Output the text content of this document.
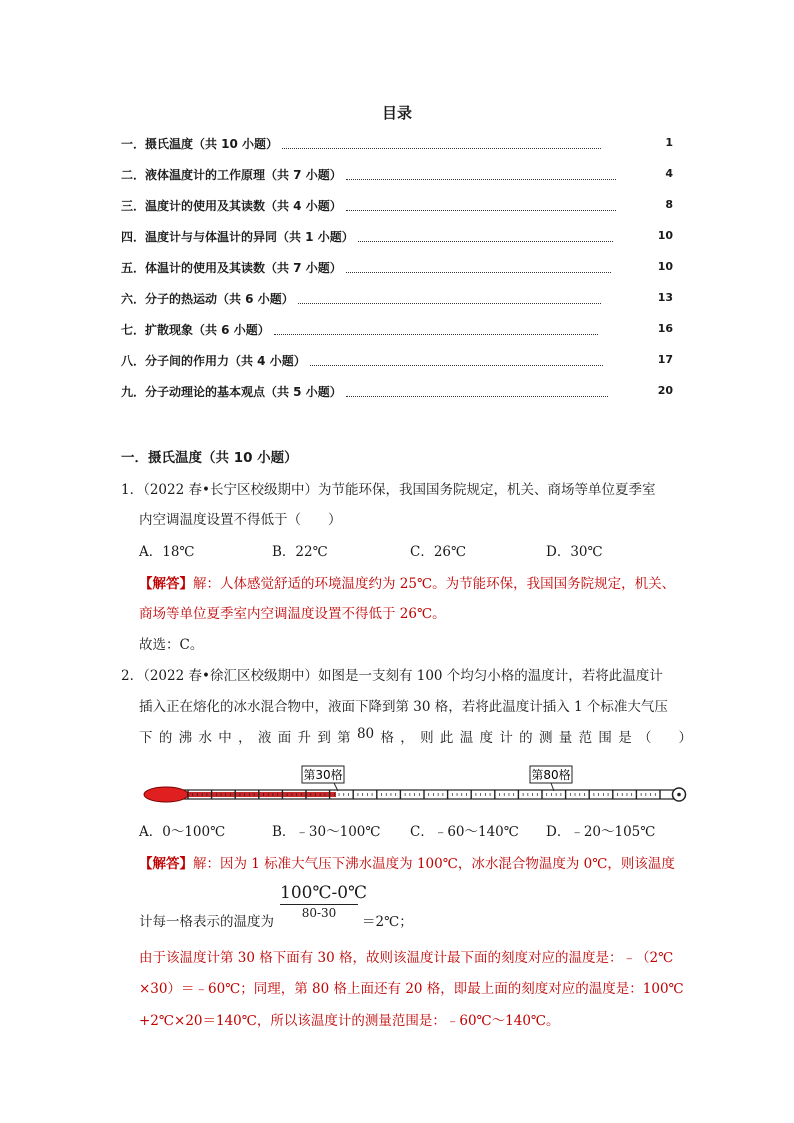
目录
一．摄氏温度（共 10 小题）	1
二．液体温度计的工作原理（共 7 小题）	4
三．温度计的使用及其读数（共 4 小题）	8
四．温度计与与体温计的异同（共 1 小题）	10
五．体温计的使用及其读数（共 7 小题）	10
六．分子的热运动（共 6 小题）	13
七．扩散现象（共 6 小题）	16
八．分子间的作用力（共 4 小题）	17
九．分子动理论的基本观点（共 5 小题）	20
一．摄氏温度（共 10 小题）
1．（2022 春•长宁区校级期中）为节能环保，我国国务院规定，机关、商场等单位夏季室
内空调温度设置不得低于（　　）
A．18℃	B．22℃	C．26℃	D．30℃
【解答】解：人体感觉舒适的环境温度约为 25℃。为节能环保，我国国务院规定，机关、
商场等单位夏季室内空调温度设置不得低于 26℃。
故选：C。
2．（2022 春•徐汇区校级期中）如图是一支刻有 100 个均匀小格的温度计，若将此温度计
插入正在熔化的冰水混合物中，液面下降到第 30 格，若将此温度计插入 1 个标准大气压
下 的 沸 水 中 ， 液 面 升 到 第 80 格 ， 则 此 温 度 计 的 测 量 范 围 是 （　　）
第30格	第80格
A．0～100℃	B．﹣30～100℃ C．﹣60～140℃ D．﹣20～105℃
【解答】解：因为 1 标准大气压下沸水温度为 100℃，冰水混合物温度为 0℃，则该温度
计每一格表示的温度为
100℃-0℃
80-30
＝2℃；
由于该温度计第 30 格下面有 30 格，故则该温度计最下面的刻度对应的温度是：﹣（2℃
×30）＝﹣60℃；同理，第 80 格上面还有 20 格，即最上面的刻度对应的温度是：100℃
+2℃×20＝140℃，所以该温度计的测量范围是：﹣60℃～140℃。
